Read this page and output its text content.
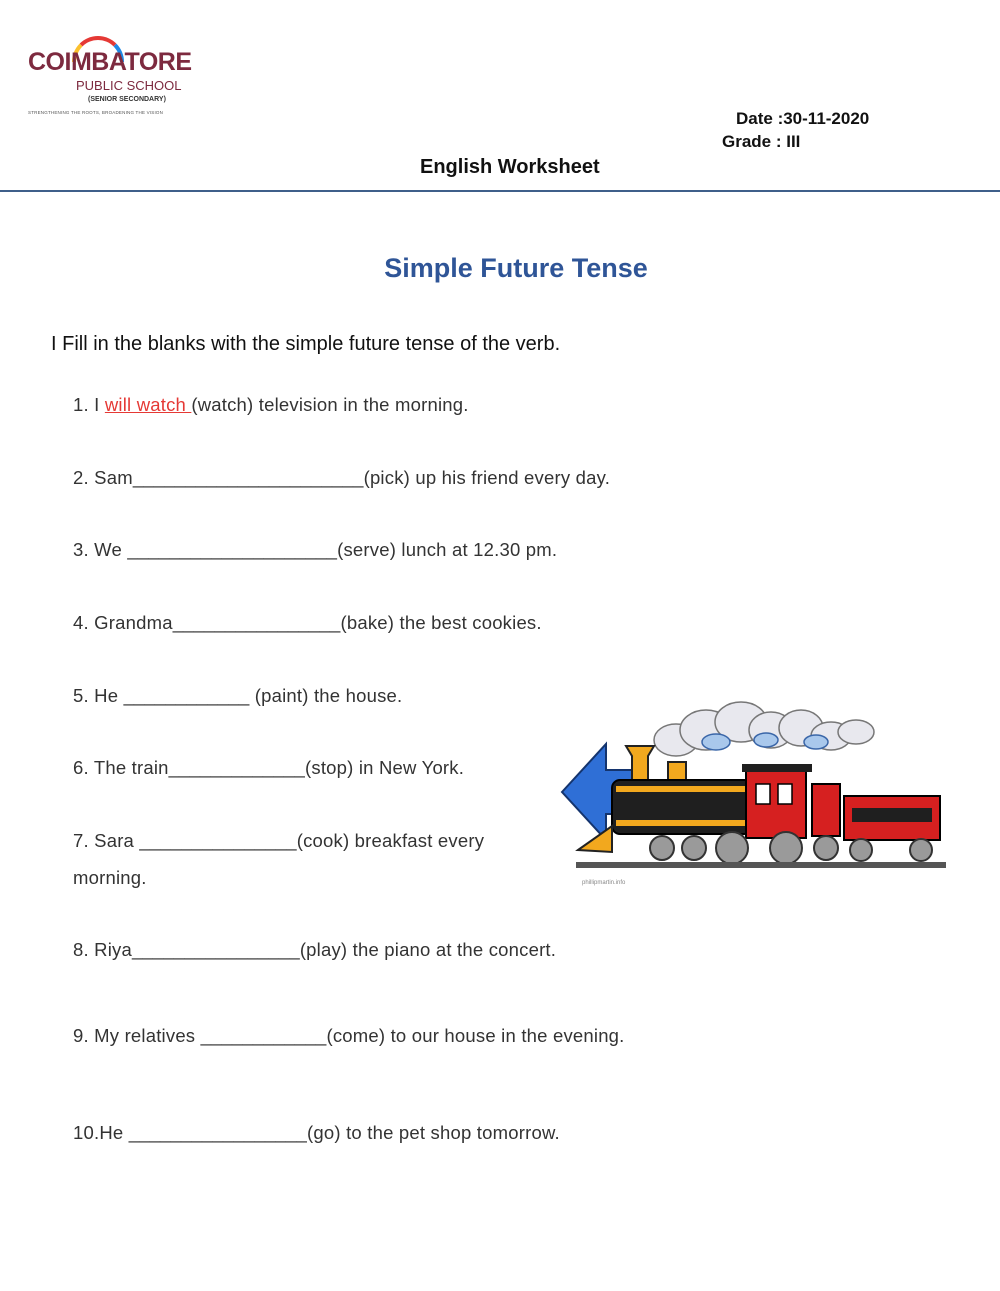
COIMBATORE
PUBLIC SCHOOL
(SENIOR SECONDARY)
STRENGTHENING THE ROOTS, BROADENING THE VISION	Date :30-11-2020
Grade : III
English Worksheet
Simple Future Tense
I Fill in the blanks with the simple future tense of the verb.
1. I will watch (watch) television in the morning.
2. Sam______________________(pick) up his friend every day.
3. We ____________________(serve) lunch at 12.30 pm.
4. Grandma________________(bake) the best cookies.
5. He ____________ (paint) the house.
6. The train_____________(stop) in New York.
7. Sara _______________(cook) breakfast every
morning.
8. Riya________________(play) the piano at the concert.
9. My relatives ____________(come) to our house in the evening.
10.He _________________(go) to the pet shop tomorrow.
phillipmartin.info
